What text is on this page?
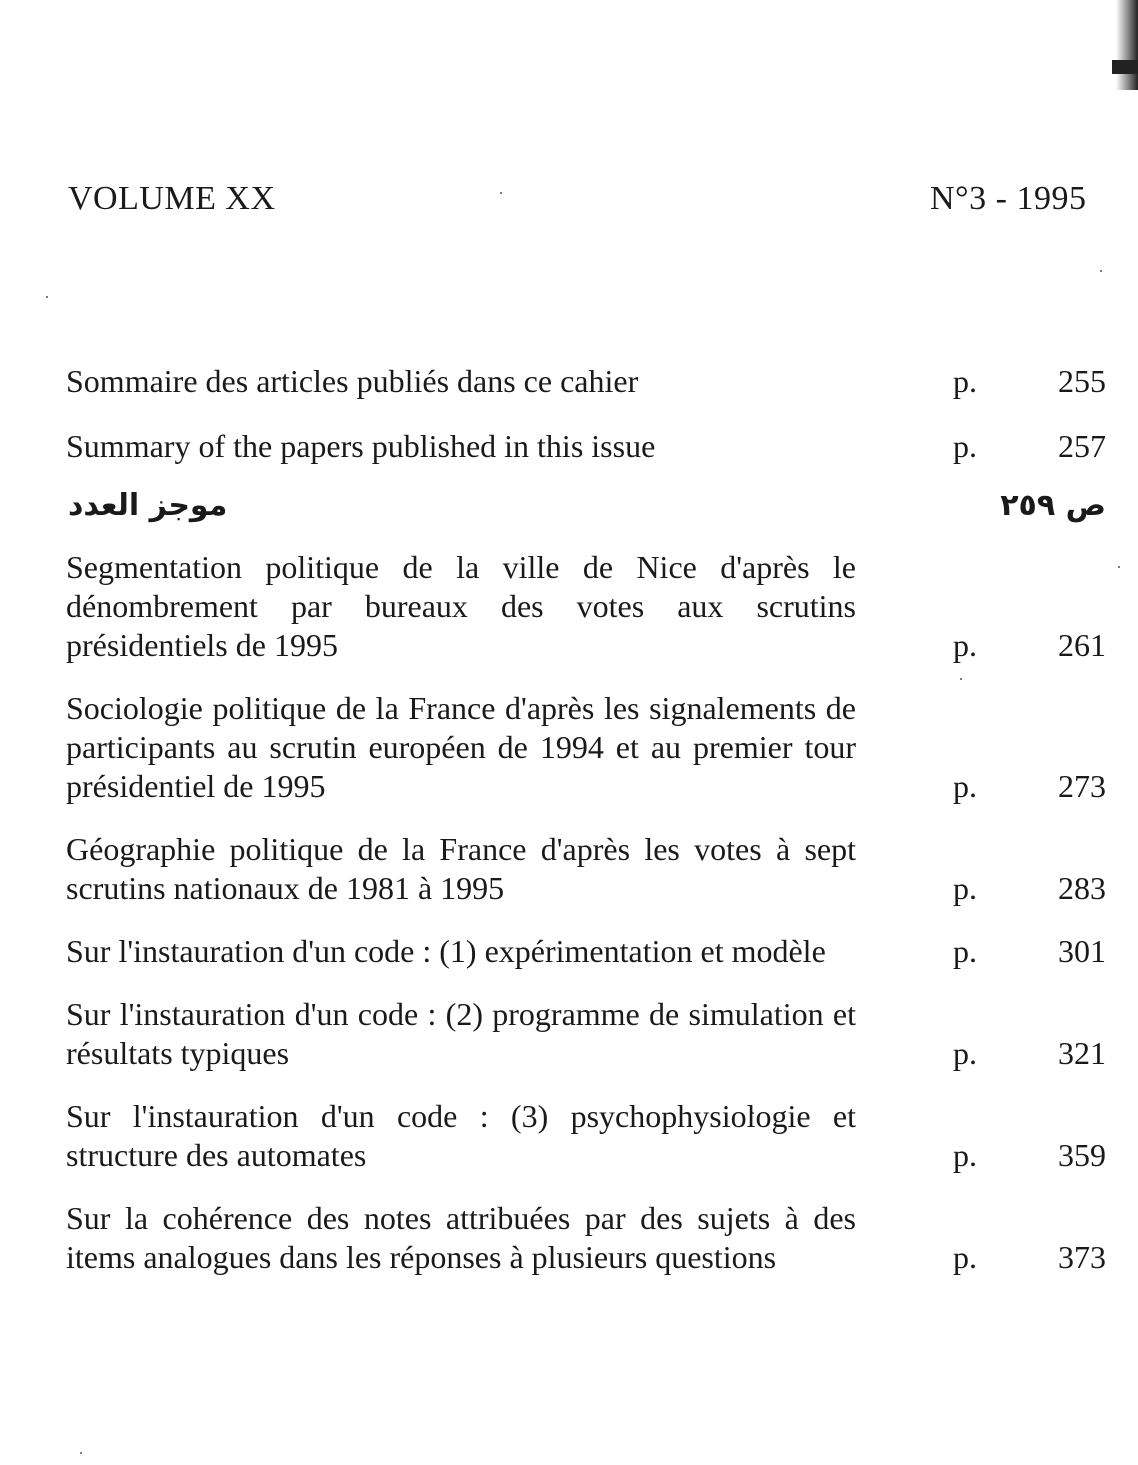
VOLUME XX	N°3 - 1995
Sommaire des articles publiés dans ce cahier	p.	255
Summary of the papers published in this issue	p.	257
موجز العدد	ص ٢٥٩
Segmentation politique de la ville de Nice d'après le dénombrement par bureaux des votes aux scrutins présidentiels de 1995	p.	261
Sociologie politique de la France d'après les signalements de participants au scrutin européen de 1994 et au premier tour présidentiel de 1995	p.	273
Géographie politique de la France d'après les votes à sept scrutins nationaux de 1981 à 1995	p.	283
Sur l'instauration d'un code : (1) expérimentation et modèle	p.	301
Sur l'instauration d'un code : (2) programme de simulation et résultats typiques	p.	321
Sur l'instauration d'un code : (3) psychophysiologie et structure des automates	p.	359
Sur la cohérence des notes attribuées par des sujets à des items analogues dans les réponses à plusieurs questions	p.	373
